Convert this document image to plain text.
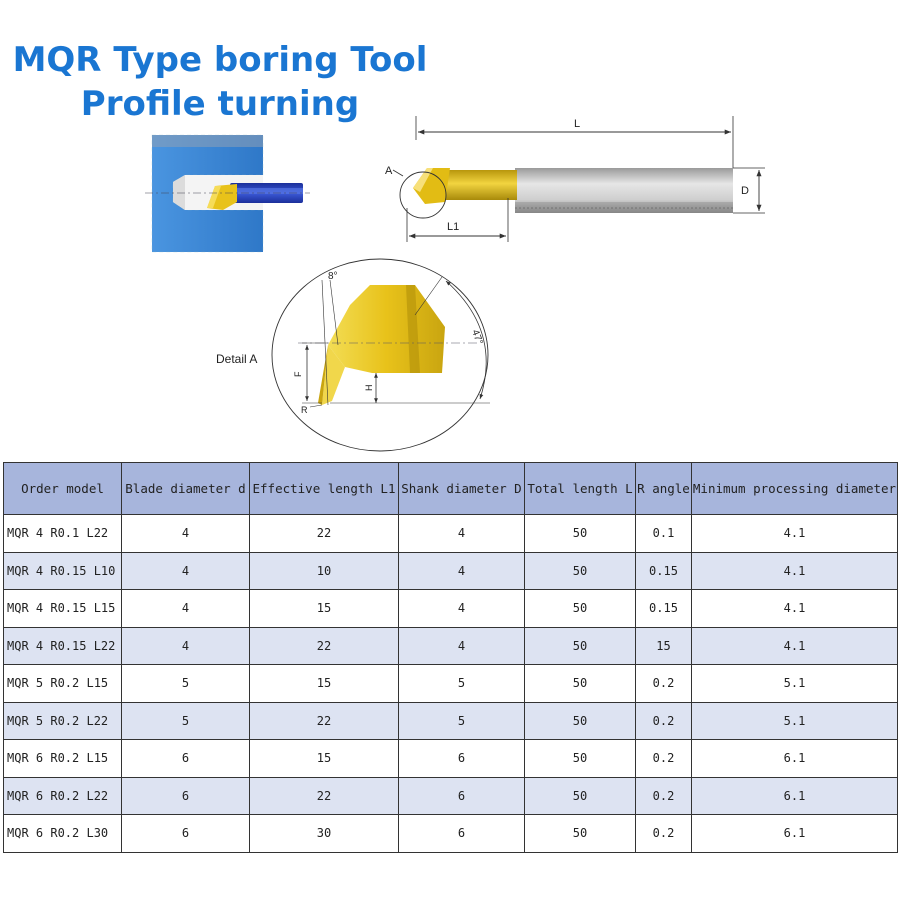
MQR Type boring Tool
Profile turning	L
A
D
L1
8°
47°
F
H
R
Detail A
Order model	Blade diameter d	Effective length L1	Shank diameter D	Total length L	R angle	Minimum processing diameter
MQR 4 R0.1 L22	4	22	4	50	0.1	4.1
MQR 4 R0.15 L10	4	10	4	50	0.15	4.1
MQR 4 R0.15 L15	4	15	4	50	0.15	4.1
MQR 4 R0.15 L22	4	22	4	50	15	4.1
MQR 5 R0.2 L15	5	15	5	50	0.2	5.1
MQR 5 R0.2 L22	5	22	5	50	0.2	5.1
MQR 6 R0.2 L15	6	15	6	50	0.2	6.1
MQR 6 R0.2 L22	6	22	6	50	0.2	6.1
MQR 6 R0.2 L30	6	30	6	50	0.2	6.1
